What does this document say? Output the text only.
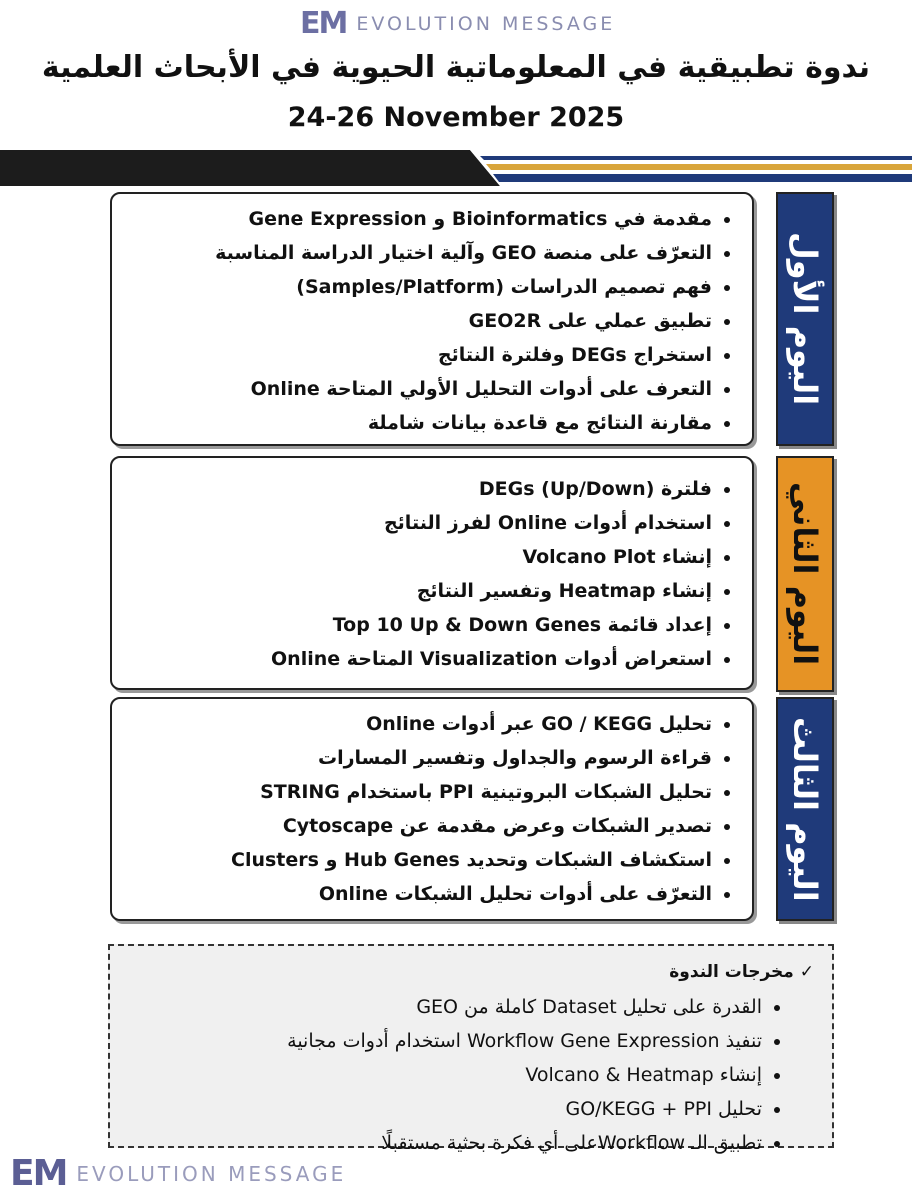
EM EVOLUTION MESSAGE
ندوة تطبيقية في المعلوماتية الحيوية في الأبحاث العلمية
24-26 November 2025
• مقدمة في Bioinformatics و Gene Expression
• التعرّف على منصة GEO وآلية اختيار الدراسة المناسبة
• فهم تصميم الدراسات (Samples/Platform)
• تطبيق عملي على GEO2R
• استخراج DEGs وفلترة النتائج
• التعرف على أدوات التحليل الأولي المتاحة Online
• مقارنة النتائج مع قاعدة بيانات شاملة
اليوم الأول
• فلترة (DEGs (Up/Down
• استخدام أدوات Online لفرز النتائج
• إنشاء Volcano Plot
• إنشاء Heatmap وتفسير النتائج
• إعداد قائمة Top 10 Up & Down Genes
• استعراض أدوات Visualization المتاحة Online اليوم الثاني
• تحليل GO / KEGG عبر أدوات Online
• قراءة الرسوم والجداول وتفسير المسارات
• تحليل الشبكات البروتينية PPI باستخدام STRING
• تصدير الشبكات وعرض مقدمة عن Cytoscape
• استكشاف الشبكات وتحديد Hub Genes و Clusters
• التعرّف على أدوات تحليل الشبكات Online اليوم الثالث
✓ مخرجات الندوة
• القدرة على تحليل Dataset كاملة من GEO
• تنفيذ Workflow Gene Expression استخدام أدوات مجانية
• إنشاء Volcano & Heatmap
• تحليل GO/KEGG + PPI
• تطبيق الـ Workflowعلى أي فكرة بحثية مستقبلًا
EM EVOLUTION MESSAGE
